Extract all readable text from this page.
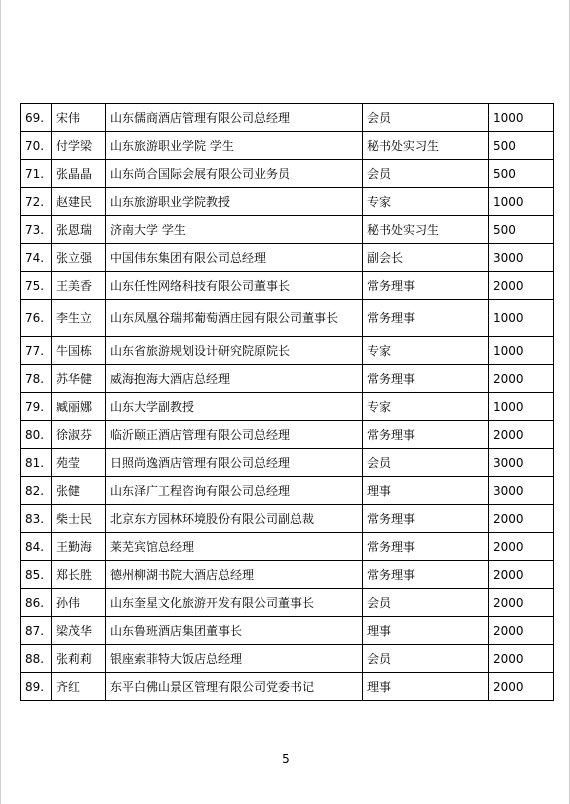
69.	宋伟	山东儒商酒店管理有限公司总经理	会员	1000
70.	付学梁	山东旅游职业学院 学生	秘书处实习生	500
71.	张晶晶	山东尚合国际会展有限公司业务员	会员	500
72.	赵建民	山东旅游职业学院教授	专家	1000
73.	张恩瑞	济南大学 学生	秘书处实习生	500
74.	张立强	中国伟东集团有限公司总经理	副会长	3000
75.	王美香	山东任性网络科技有限公司董事长	常务理事	2000
76.	李生立	山东凤凰谷瑞邦葡萄酒庄园有限公司董事长	常务理事	1000
77.	牛国栋	山东省旅游规划设计研究院原院长	专家	1000
78.	苏华健	威海抱海大酒店总经理	常务理事	2000
79.	臧丽娜	山东大学副教授	专家	1000
80.	徐淑芬	临沂颐正酒店管理有限公司总经理	常务理事	2000
81.	苑莹	日照尚逸酒店管理有限公司总经理	会员	3000
82.	张健	山东泽广工程咨询有限公司总经理	理事	3000
83.	柴士民	北京东方园林环境股份有限公司副总裁	常务理事	2000
84.	王勤海	莱芜宾馆总经理	常务理事	2000
85.	郑长胜	德州柳湖书院大酒店总经理	常务理事	2000
86.	孙伟	山东奎星文化旅游开发有限公司董事长	会员	2000
87.	梁茂华	山东鲁班酒店集团董事长	理事	2000
88.	张莉莉	银座索菲特大饭店总经理	会员	2000
89.	齐红	东平白佛山景区管理有限公司党委书记	理事	2000
5
